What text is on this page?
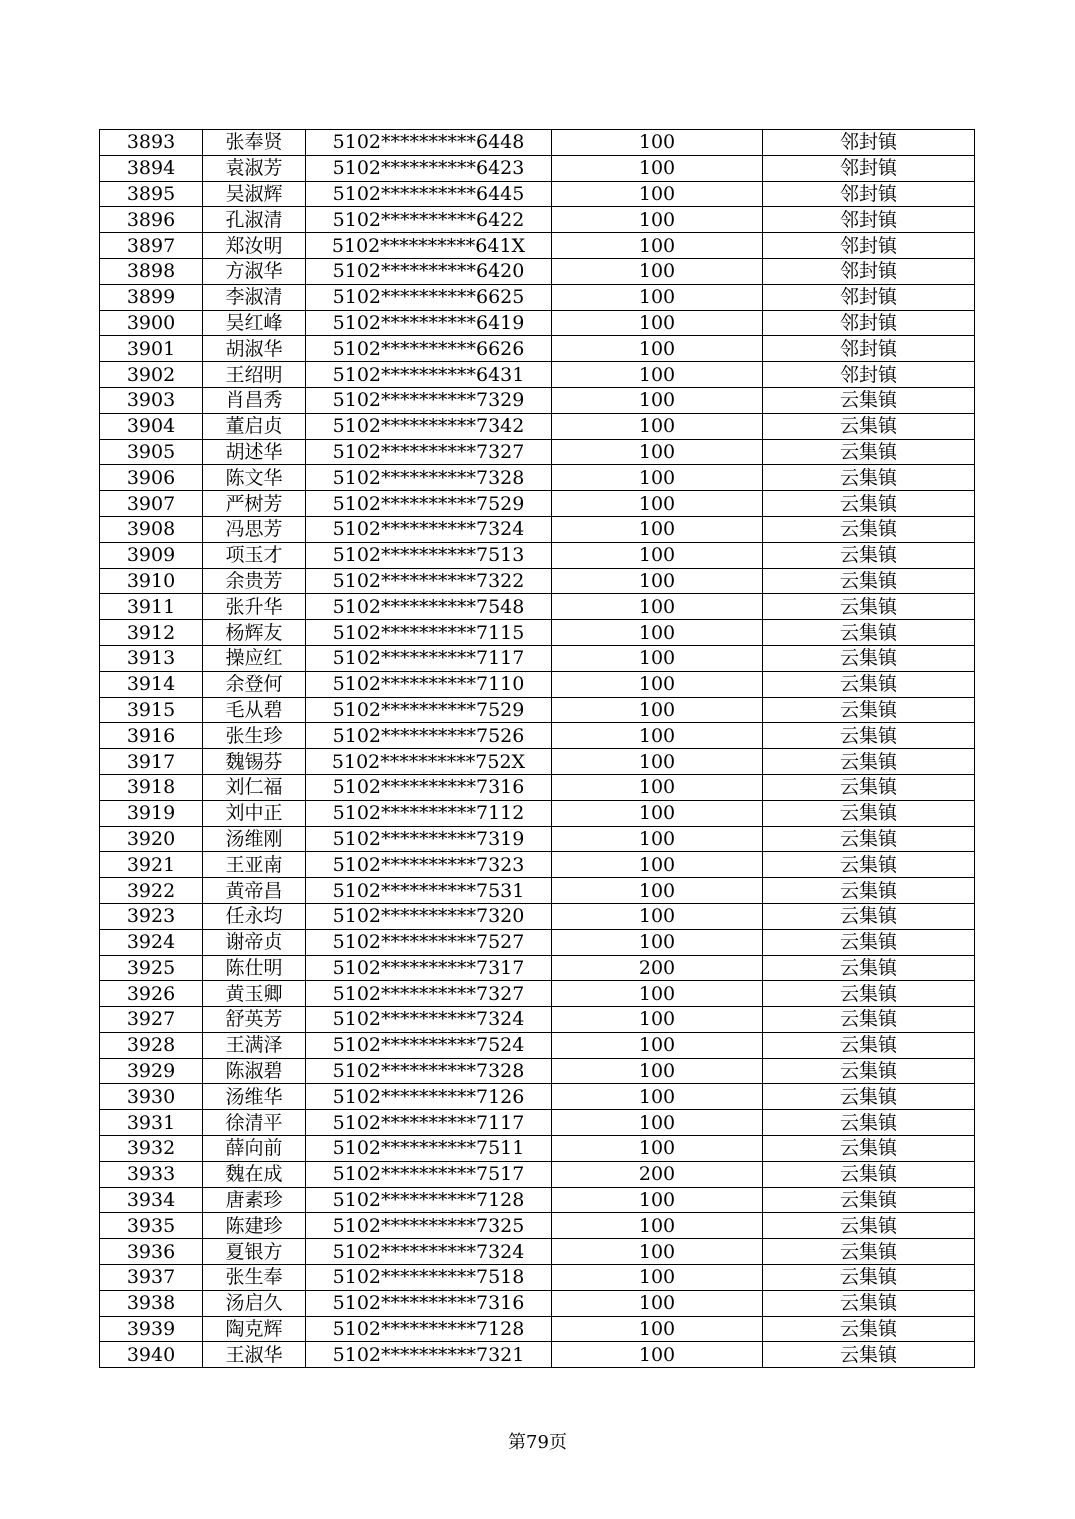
3893	张奉贤	5102**********6448	100	邻封镇
3894	袁淑芳	5102**********6423	100	邻封镇
3895	吴淑辉	5102**********6445	100	邻封镇
3896	孔淑清	5102**********6422	100	邻封镇
3897	郑汝明	5102**********641X	100	邻封镇
3898	方淑华	5102**********6420	100	邻封镇
3899	李淑清	5102**********6625	100	邻封镇
3900	吴红峰	5102**********6419	100	邻封镇
3901	胡淑华	5102**********6626	100	邻封镇
3902	王绍明	5102**********6431	100	邻封镇
3903	肖昌秀	5102**********7329	100	云集镇
3904	董启贞	5102**********7342	100	云集镇
3905	胡述华	5102**********7327	100	云集镇
3906	陈文华	5102**********7328	100	云集镇
3907	严树芳	5102**********7529	100	云集镇
3908	冯思芳	5102**********7324	100	云集镇
3909	项玉才	5102**********7513	100	云集镇
3910	余贵芳	5102**********7322	100	云集镇
3911	张升华	5102**********7548	100	云集镇
3912	杨辉友	5102**********7115	100	云集镇
3913	操应红	5102**********7117	100	云集镇
3914	余登何	5102**********7110	100	云集镇
3915	毛从碧	5102**********7529	100	云集镇
3916	张生珍	5102**********7526	100	云集镇
3917	魏锡芬	5102**********752X	100	云集镇
3918	刘仁福	5102**********7316	100	云集镇
3919	刘中正	5102**********7112	100	云集镇
3920	汤维刚	5102**********7319	100	云集镇
3921	王亚南	5102**********7323	100	云集镇
3922	黄帝昌	5102**********7531	100	云集镇
3923	任永均	5102**********7320	100	云集镇
3924	谢帝贞	5102**********7527	100	云集镇
3925	陈仕明	5102**********7317	200	云集镇
3926	黄玉卿	5102**********7327	100	云集镇
3927	舒英芳	5102**********7324	100	云集镇
3928	王满泽	5102**********7524	100	云集镇
3929	陈淑碧	5102**********7328	100	云集镇
3930	汤维华	5102**********7126	100	云集镇
3931	徐清平	5102**********7117	100	云集镇
3932	薛向前	5102**********7511	100	云集镇
3933	魏在成	5102**********7517	200	云集镇
3934	唐素珍	5102**********7128	100	云集镇
3935	陈建珍	5102**********7325	100	云集镇
3936	夏银方	5102**********7324	100	云集镇
3937	张生奉	5102**********7518	100	云集镇
3938	汤启久	5102**********7316	100	云集镇
3939	陶克辉	5102**********7128	100	云集镇
3940	王淑华	5102**********7321	100	云集镇
第79页
